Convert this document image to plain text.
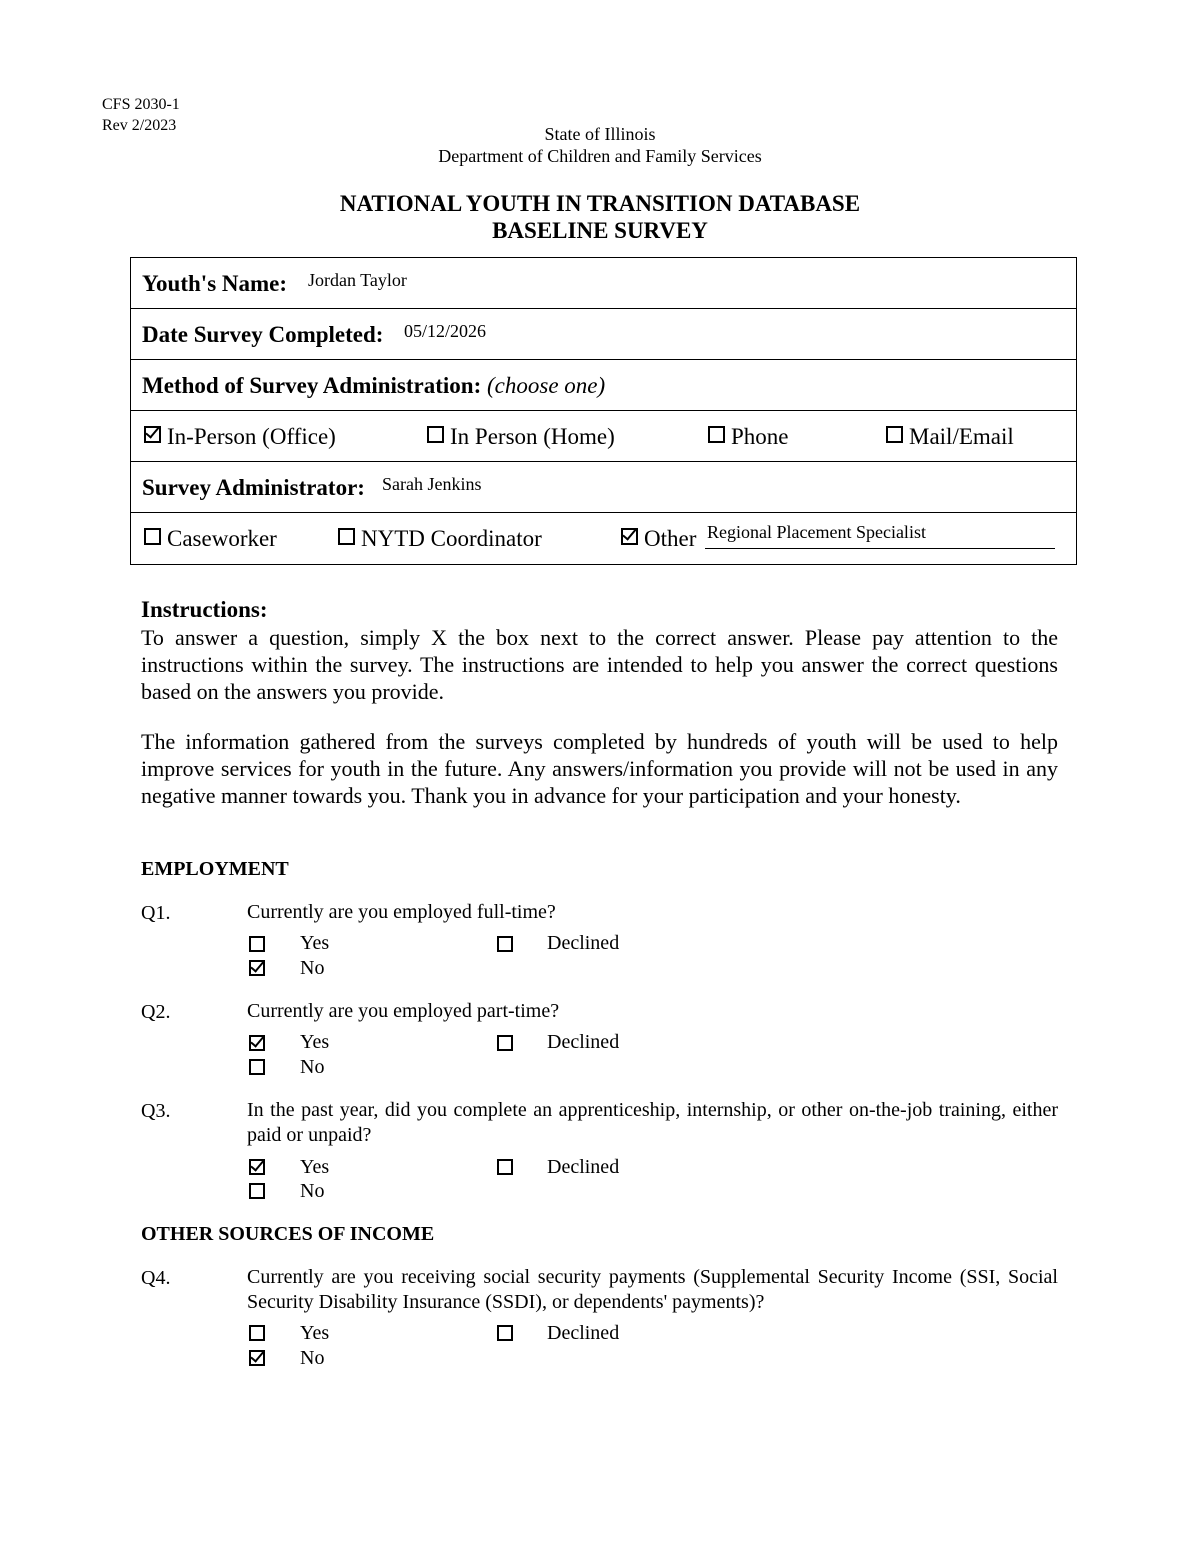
CFS 2030-1
Rev 2/2023	State of Illinois
Department of Children and Family Services
NATIONAL YOUTH IN TRANSITION DATABASE
BASELINE SURVEY
Youth's Name: Jordan Taylor
Date Survey Completed: 05/12/2026
Method of Survey Administration: (choose one)
In-Person (Office)	In Person (Home)	Phone	Mail/Email
Survey Administrator: Sarah Jenkins
Caseworker	NYTD Coordinator	Other Regional Placement Specialist
Instructions:
To answer a question, simply X the box next to the correct answer. Please pay attention to the instructions within the survey. The instructions are intended to help you answer the correct questions based on the answers you provide.
The information gathered from the surveys completed by hundreds of youth will be used to help improve services for youth in the future. Any answers/information you provide will not be used in any negative manner towards you. Thank you in advance for your participation and your honesty.
EMPLOYMENT
Q1.	Currently are you employed full-time?
Yes	Declined
No
Q2.	Currently are you employed part-time?
Yes	Declined
No
Q3.	In the past year, did you complete an apprenticeship, internship, or other on-the-job training, either paid or unpaid?
Yes	Declined
No
OTHER SOURCES OF INCOME
Q4.	Currently are you receiving social security payments (Supplemental Security Income (SSI, Social Security Disability Insurance (SSDI), or dependents' payments)?
Yes	Declined
No
